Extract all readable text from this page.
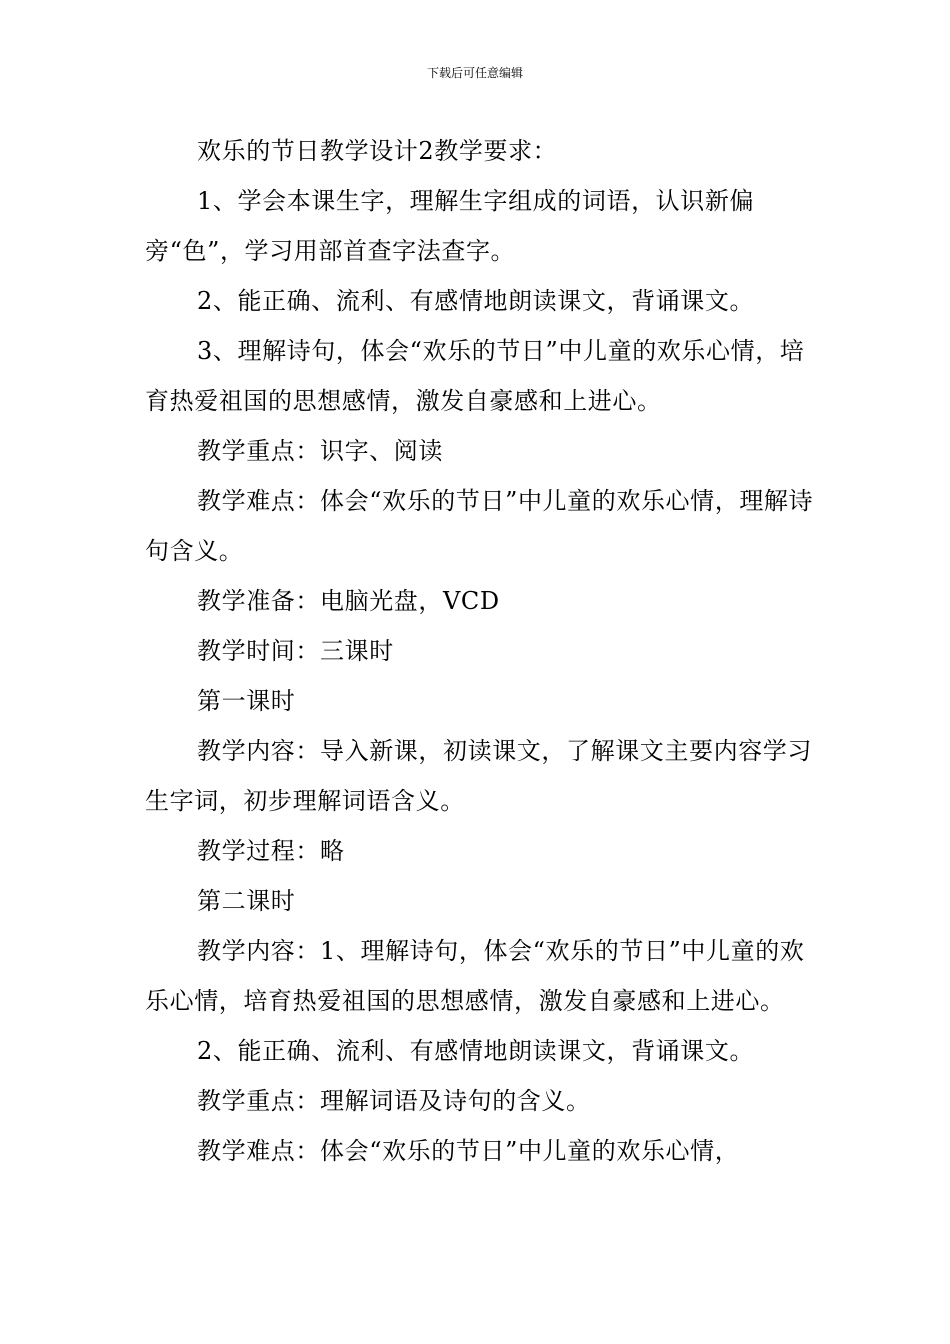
下载后可任意编辑

欢乐的节日教学设计2教学要求：

1、学会本课生字，理解生字组成的词语，认识新偏旁“色”，学习用部首查字法查字。

2、能正确、流利、有感情地朗读课文，背诵课文。

3、理解诗句，体会“欢乐的节日”中儿童的欢乐心情，培育热爱祖国的思想感情，激发自豪感和上进心。

教学重点：识字、阅读

教学难点：体会“欢乐的节日”中儿童的欢乐心情，理解诗句含义。

教学准备：电脑光盘，VCD

教学时间：三课时

第一课时

教学内容：导入新课，初读课文，了解课文主要内容学习生字词，初步理解词语含义。

教学过程：略

第二课时

教学内容：1、理解诗句，体会“欢乐的节日”中儿童的欢乐心情，培育热爱祖国的思想感情，激发自豪感和上进心。

2、能正确、流利、有感情地朗读课文，背诵课文。

教学重点：理解词语及诗句的含义。

教学难点：体会“欢乐的节日”中儿童的欢乐心情，
